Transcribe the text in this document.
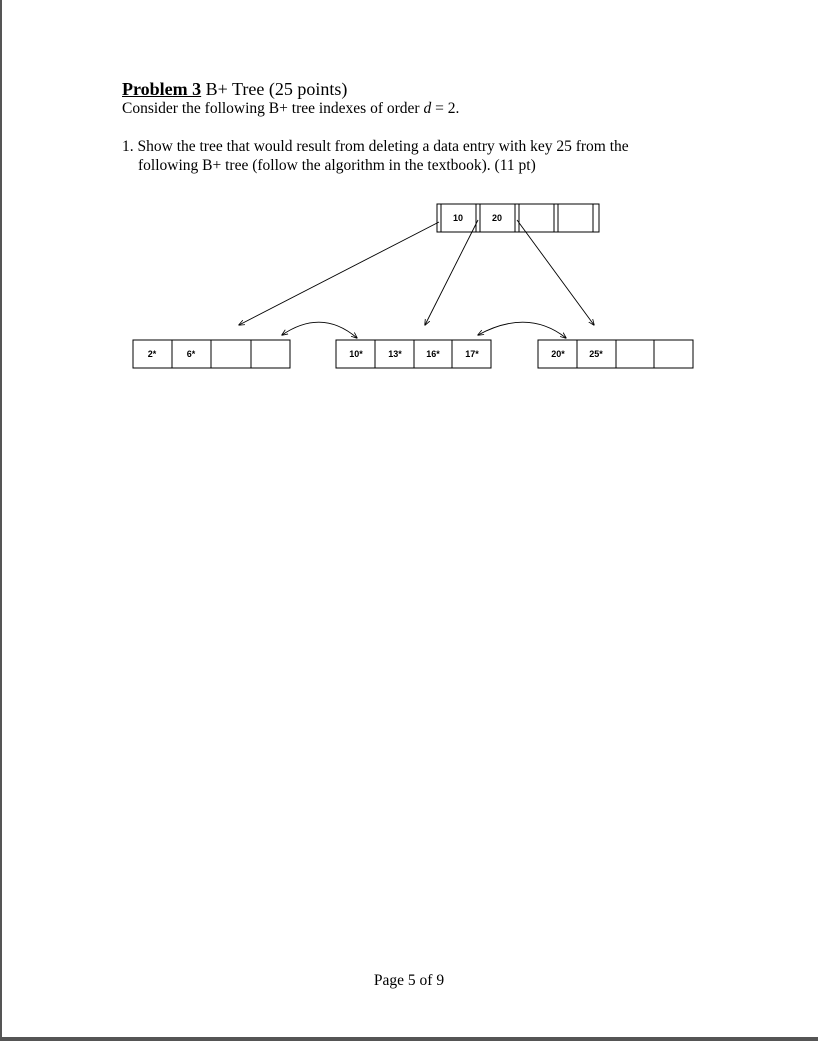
Problem 3 B+ Tree (25 points)
Consider the following B+ tree indexes of order d = 2.
1. Show the tree that would result from deleting a data entry with key 25 from the
following B+ tree (follow the algorithm in the textbook). (11 pt)
10	20
2*	6*	10*	13*	16*	17*	20*	25*
Page 5 of 9
